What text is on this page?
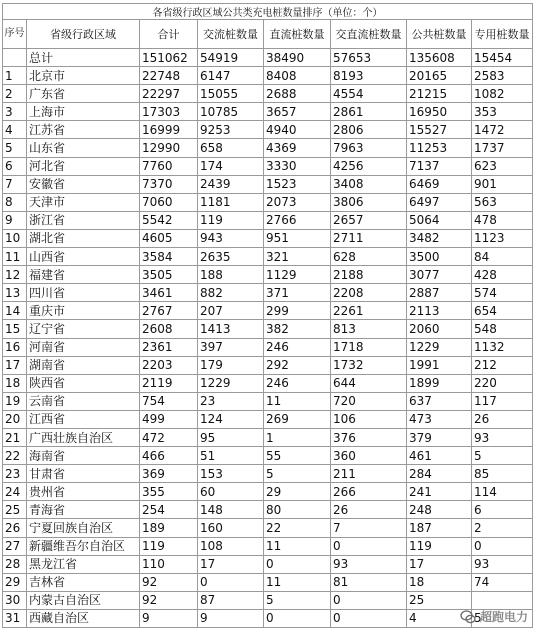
各省级行政区域公共类充电桩数量排序（单位：个）							
序号	省级行政区域	合计	交流桩数量	直流桩数量	交直流桩数量	公共桩数量	专用桩数量
	总计	151062	54919	38490	57653	135608	15454
1	北京市	22748	6147	8408	8193	20165	2583
2	广东省	22297	15055	2688	4554	21215	1082
3	上海市	17303	10785	3657	2861	16950	353
4	江苏省	16999	9253	4940	2806	15527	1472
5	山东省	12990	658	4369	7963	11253	1737
6	河北省	7760	174	3330	4256	7137	623
7	安徽省	7370	2439	1523	3408	6469	901
8	天津市	7060	1181	2073	3806	6497	563
9	浙江省	5542	119	2766	2657	5064	478
10	湖北省	4605	943	951	2711	3482	1123
11	山西省	3584	2635	321	628	3500	84
12	福建省	3505	188	1129	2188	3077	428
13	四川省	3461	882	371	2208	2887	574
14	重庆市	2767	207	299	2261	2113	654
15	辽宁省	2608	1413	382	813	2060	548
16	河南省	2361	397	246	1718	1229	1132
17	湖南省	2203	179	292	1732	1991	212
18	陕西省	2119	1229	246	644	1899	220
19	云南省	754	23	11	720	637	117
20	江西省	499	124	269	106	473	26
21	广西壮族自治区	472	95	1	376	379	93
22	海南省	466	51	55	360	461	5
23	甘肃省	369	153	5	211	284	85
24	贵州省	355	60	29	266	241	114
25	青海省	254	148	80	26	248	6
26	宁夏回族自治区	189	160	22	7	187	2
27	新疆维吾尔自治区	119	108	11	0	119	0
28	黑龙江省	110	17	0	93	17	93
29	吉林省	92	0	11	81	18	74
30	内蒙古自治区	92	87	5	0	25	
31	西藏自治区	9	9	0	0	4	5
超跑电力
